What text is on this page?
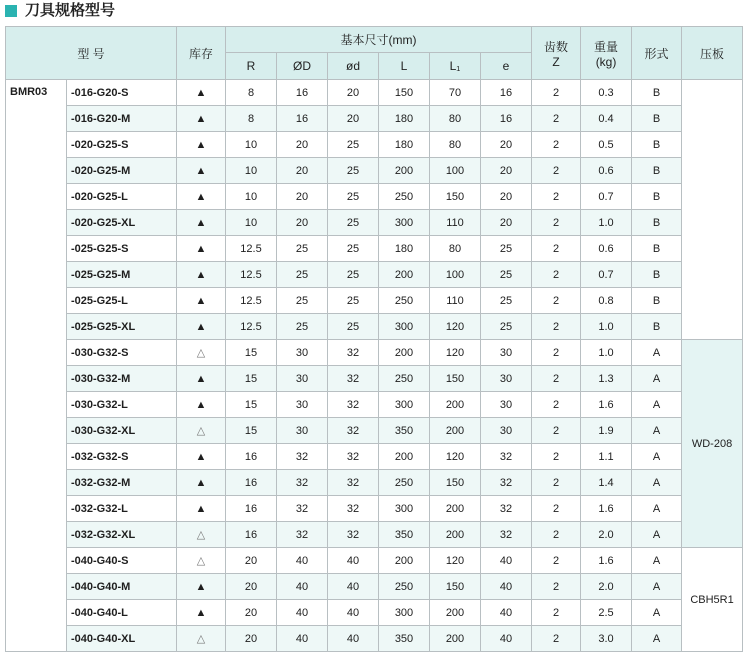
刀具规格型号
型 号		库存	基本尺寸(mm)						齿数
Z	重量
(kg)	形式	压板
			R	ØD	ød	L	L₁	e				
BMR03	-016-G20-S	▲	8	16	20	150	70	16	2	0.3	B	
	-016-G20-M	▲	8	16	20	180	80	16	2	0.4	B	
	-020-G25-S	▲	10	20	25	180	80	20	2	0.5	B	
	-020-G25-M	▲	10	20	25	200	100	20	2	0.6	B	
	-020-G25-L	▲	10	20	25	250	150	20	2	0.7	B	
	-020-G25-XL	▲	10	20	25	300	110	20	2	1.0	B	
	-025-G25-S	▲	12.5	25	25	180	80	25	2	0.6	B	
	-025-G25-M	▲	12.5	25	25	200	100	25	2	0.7	B	
	-025-G25-L	▲	12.5	25	25	250	110	25	2	0.8	B	
	-025-G25-XL	▲	12.5	25	25	300	120	25	2	1.0	B	
	-030-G32-S	△	15	30	32	200	120	30	2	1.0	A	WD-208
	-030-G32-M	▲	15	30	32	250	150	30	2	1.3	A	
	-030-G32-L	▲	15	30	32	300	200	30	2	1.6	A	
	-030-G32-XL	△	15	30	32	350	200	30	2	1.9	A	
	-032-G32-S	▲	16	32	32	200	120	32	2	1.1	A	
	-032-G32-M	▲	16	32	32	250	150	32	2	1.4	A	
	-032-G32-L	▲	16	32	32	300	200	32	2	1.6	A	
	-032-G32-XL	△	16	32	32	350	200	32	2	2.0	A	
	-040-G40-S	△	20	40	40	200	120	40	2	1.6	A	CBH5R1
	-040-G40-M	▲	20	40	40	250	150	40	2	2.0	A	
	-040-G40-L	▲	20	40	40	300	200	40	2	2.5	A	
	-040-G40-XL	△	20	40	40	350	200	40	2	3.0	A	
